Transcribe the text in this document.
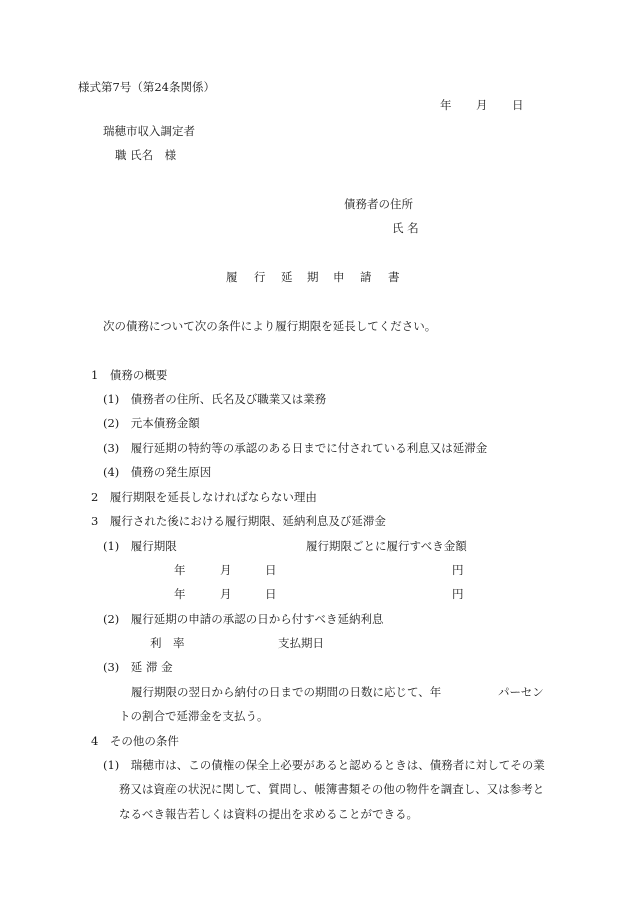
様式第7号（第24条関係）
年 月 日
瑞穂市収入調定者
職 氏名　様
債務者の住所
氏 名
履 行 延 期 申 請 書
次の債務について次の条件により履行期限を延長してください。
1　債務の概要
(1)　債務者の住所、氏名及び職業又は業務
(2)　元本債務金額
(3)　履行延期の特約等の承認のある日までに付されている利息又は延滞金
(4)　債務の発生原因
2　履行期限を延長しなければならない理由
3　履行された後における履行期限、延納利息及び延滞金
(1)　履行期限	履行期限ごとに履行すべき金額
年	月	日	円
年	月	日	円
(2)　履行延期の申請の承認の日から付すべき延納利息
利　率	支払期日
(3)　延 滞 金
履行期限の翌日から納付の日までの期間の日数に応じて、年	パーセン
トの割合で延滞金を支払う。
4　その他の条件
(1)　瑞穂市は、この債権の保全上必要があると認めるときは、債務者に対してその業
務又は資産の状況に関して、質問し、帳簿書類その他の物件を調査し、又は参考と
なるべき報告若しくは資料の提出を求めることができる。
